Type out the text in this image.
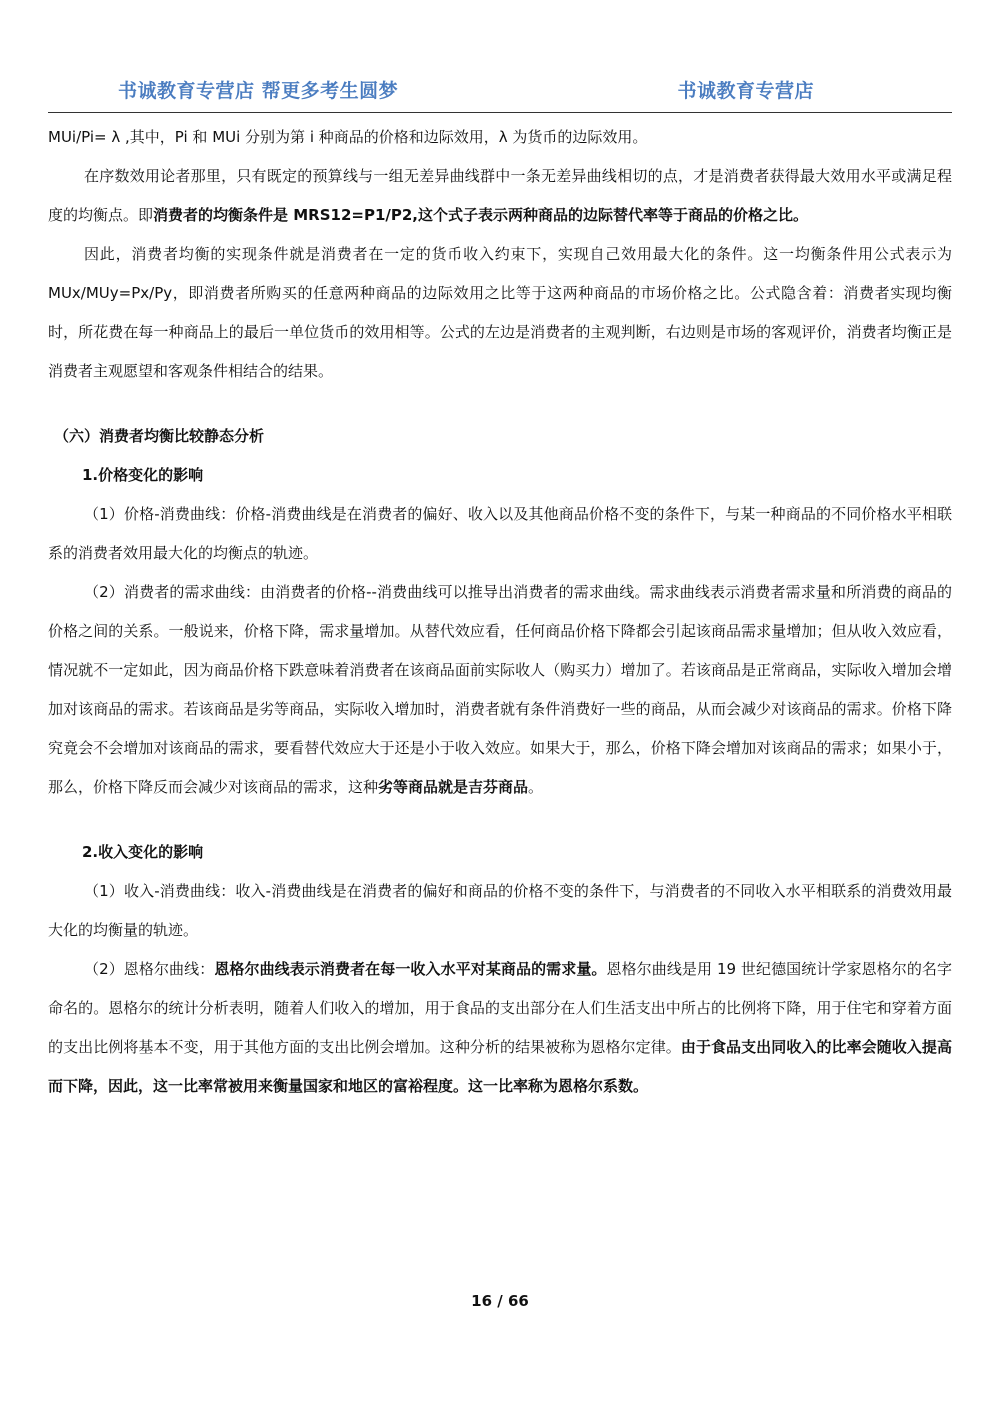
书诚教育专营店 帮更多考生圆梦	书诚教育专营店

MUi/Pi= λ ,其中，Pi 和 MUi 分别为第 i 种商品的价格和边际效用，λ 为货币的边际效用。

在序数效用论者那里，只有既定的预算线与一组无差异曲线群中一条无差异曲线相切的点，才是消费者获得最大效用水平或满足程度的均衡点。即消费者的均衡条件是 MRS12=P1/P2,这个式子表示两种商品的边际替代率等于商品的价格之比。

因此，消费者均衡的实现条件就是消费者在一定的货币收入约束下，实现自己效用最大化的条件。这一均衡条件用公式表示为 MUx/MUy=Px/Py，即消费者所购买的任意两种商品的边际效用之比等于这两种商品的市场价格之比。公式隐含着：消费者实现均衡时，所花费在每一种商品上的最后一单位货币的效用相等。公式的左边是消费者的主观判断，右边则是市场的客观评价，消费者均衡正是消费者主观愿望和客观条件相结合的结果。

（六）消费者均衡比较静态分析

1.价格变化的影响

（1）价格-消费曲线：价格-消费曲线是在消费者的偏好、收入以及其他商品价格不变的条件下，与某一种商品的不同价格水平相联系的消费者效用最大化的均衡点的轨迹。

（2）消费者的需求曲线：由消费者的价格--消费曲线可以推导出消费者的需求曲线。需求曲线表示消费者需求量和所消费的商品的价格之间的关系。一般说来，价格下降，需求量增加。从替代效应看，任何商品价格下降都会引起该商品需求量增加；但从收入效应看，情况就不一定如此，因为商品价格下跌意味着消费者在该商品面前实际收人（购买力）增加了。若该商品是正常商品，实际收入增加会增加对该商品的需求。若该商品是劣等商品，实际收入增加时，消费者就有条件消费好一些的商品，从而会减少对该商品的需求。价格下降究竟会不会增加对该商品的需求，要看替代效应大于还是小于收入效应。如果大于，那么，价格下降会增加对该商品的需求；如果小于，那么，价格下降反而会减少对该商品的需求，这种劣等商品就是吉芬商品。

2.收入变化的影响

（1）收入-消费曲线：收入-消费曲线是在消费者的偏好和商品的价格不变的条件下，与消费者的不同收入水平相联系的消费效用最大化的均衡量的轨迹。

（2）恩格尔曲线：恩格尔曲线表示消费者在每一收入水平对某商品的需求量。恩格尔曲线是用 19 世纪德国统计学家恩格尔的名字命名的。恩格尔的统计分析表明，随着人们收入的增加，用于食品的支出部分在人们生活支出中所占的比例将下降，用于住宅和穿着方面的支出比例将基本不变，用于其他方面的支出比例会增加。这种分析的结果被称为恩格尔定律。由于食品支出同收入的比率会随收入提高而下降，因此，这一比率常被用来衡量国家和地区的富裕程度。这一比率称为恩格尔系数。

16 / 66
